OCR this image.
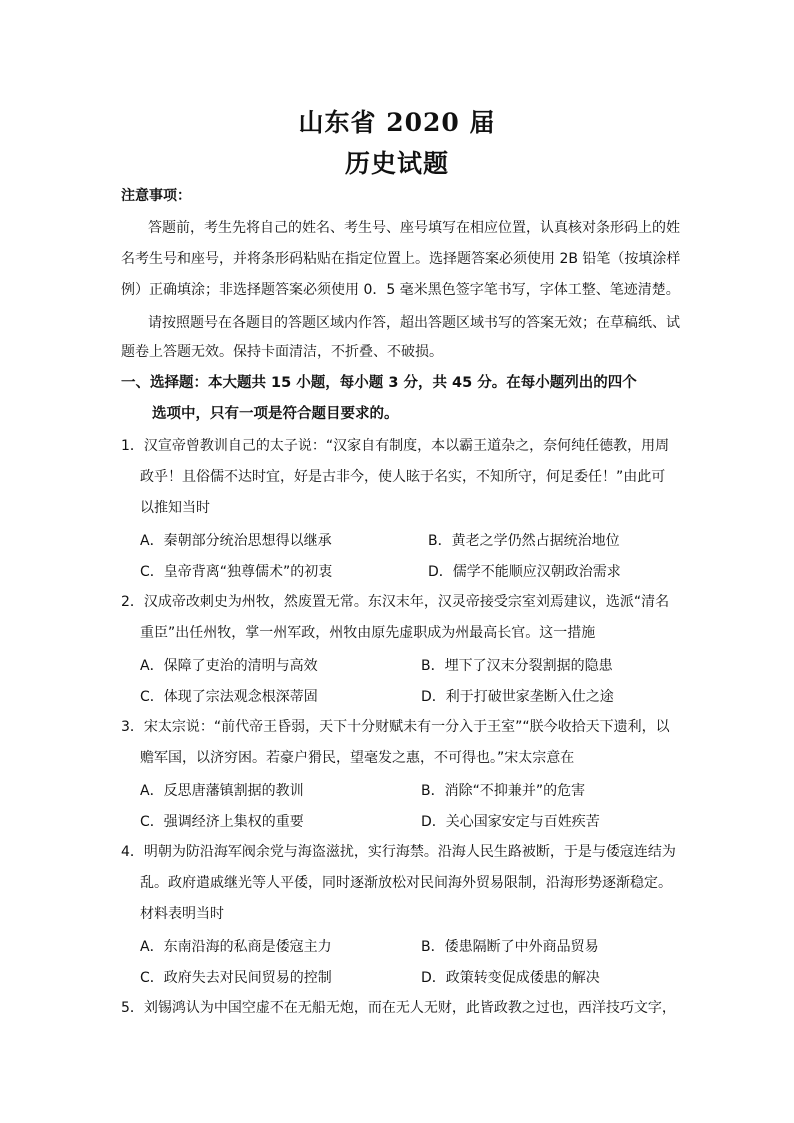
山东省 2020 届
历史试题
注意事项：
答题前，考生先将自己的姓名、考生号、座号填写在相应位置，认真核对条形码上的姓
名考生号和座号，并将条形码粘贴在指定位置上。选择题答案必须使用 2B 铅笔（按填涂样
例）正确填涂；非选择题答案必须使用 0．5 毫米黑色签字笔书写，字体工整、笔迹清楚。
请按照题号在各题目的答题区域内作答，超出答题区域书写的答案无效；在草稿纸、试
题卷上答题无效。保持卡面清洁，不折叠、不破损。
一、选择题：本大题共 15 小题，每小题 3 分，共 45 分。在每小题列出的四个
选项中，只有一项是符合题目要求的。
1．汉宣帝曾教训自己的太子说：“汉家自有制度，本以霸王道杂之，奈何纯任德教，用周
政乎！且俗儒不达时宜，好是古非今，使人眩于名实，不知所守，何足委任！”由此可
以推知当时
A．秦朝部分统治思想得以继承	B．黄老之学仍然占据统治地位
C．皇帝背离“独尊儒术”的初衷	D．儒学不能顺应汉朝政治需求
2．汉成帝改刺史为州牧，然废置无常。东汉末年，汉灵帝接受宗室刘焉建议，选派“清名
重臣”出任州牧，掌一州军政，州牧由原先虚职成为州最高长官。这一措施
A．保障了吏治的清明与高效	B．埋下了汉末分裂割据的隐患
C．体现了宗法观念根深蒂固	D．利于打破世家垄断入仕之途
3．宋太宗说：“前代帝王昏弱，天下十分财赋未有一分入于王室”“朕今收拾天下遗利，以
赡军国，以济穷困。若豪户猾民，望毫发之惠，不可得也。”宋太宗意在
A．反思唐藩镇割据的教训	B．消除“不抑兼并”的危害
C．强调经济上集权的重要	D．关心国家安定与百姓疾苦
4．明朝为防沿海军阀余党与海盗滋扰，实行海禁。沿海人民生路被断，于是与倭寇连结为
乱。政府遣戚继光等人平倭，同时逐渐放松对民间海外贸易限制，沿海形势逐渐稳定。
材料表明当时
A．东南沿海的私商是倭寇主力	B．倭患隔断了中外商品贸易
C．政府失去对民间贸易的控制	D．政策转变促成倭患的解决
5．刘锡鸿认为中国空虚不在无船无炮，而在无人无财，此皆政教之过也，西洋技巧文字，
